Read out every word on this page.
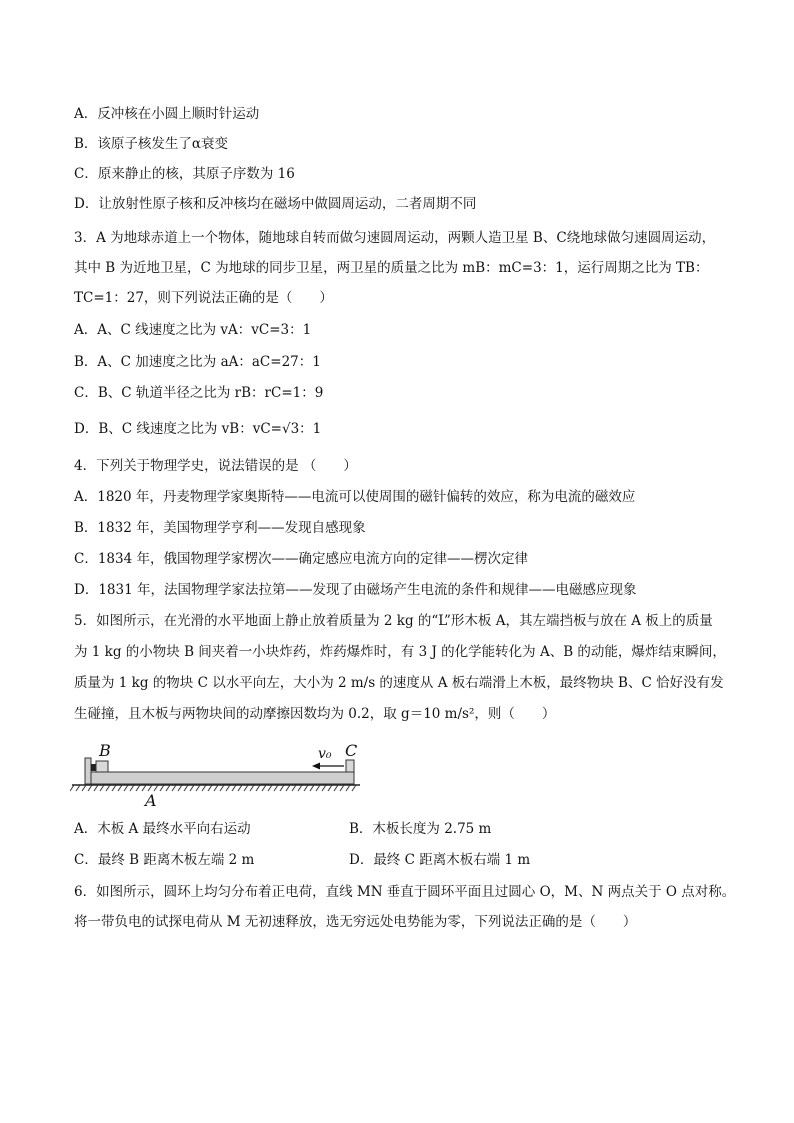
A．反冲核在小圆上顺时针运动
B．该原子核发生了α衰变
C．原来静止的核，其原子序数为 16
D．让放射性原子核和反冲核均在磁场中做圆周运动，二者周期不同
3．A 为地球赤道上一个物体，随地球自转而做匀速圆周运动，两颗人造卫星 B、C绕地球做匀速圆周运动，
其中 B 为近地卫星，C 为地球的同步卫星，两卫星的质量之比为 mB：mC=3：1，运行周期之比为 TB：
TC=1：27，则下列说法正确的是（　　）
A．A、C 线速度之比为 vA：vC=3：1
B．A、C 加速度之比为 aA：aC=27：1
C．B、C 轨道半径之比为 rB：rC=1：9
D．B、C 线速度之比为 vB：vC=√3：1
4．下列关于物理学史，说法错误的是 （　　）
A．1820 年，丹麦物理学家奥斯特——电流可以使周围的磁针偏转的效应，称为电流的磁效应
B．1832 年，美国物理学亨利——发现自感现象
C．1834 年，俄国物理学家楞次——确定感应电流方向的定律——楞次定律
D．1831 年，法国物理学家法拉第——发现了由磁场产生电流的条件和规律——电磁感应现象
5．如图所示，在光滑的水平地面上静止放着质量为 2 kg 的“L”形木板 A，其左端挡板与放在 A 板上的质量
为 1 kg 的小物块 B 间夹着一小块炸药，炸药爆炸时，有 3 J 的化学能转化为 A、B 的动能，爆炸结束瞬间，
质量为 1 kg 的物块 C 以水平向左，大小为 2 m/s 的速度从 A 板右端滑上木板，最终物块 B、C 恰好没有发
生碰撞，且木板与两物块间的动摩擦因数均为 0.2，取 g＝10 m/s²，则（　　）
B	C
v₀
A
A．木板 A 最终水平向右运动	B．木板长度为 2.75 m
C．最终 B 距离木板左端 2 m	D．最终 C 距离木板右端 1 m
6．如图所示，圆环上均匀分布着正电荷，直线 MN 垂直于圆环平面且过圆心 O，M、N 两点关于 O 点对称。
将一带负电的试探电荷从 M 无初速释放，选无穷远处电势能为零，下列说法正确的是（　　）
